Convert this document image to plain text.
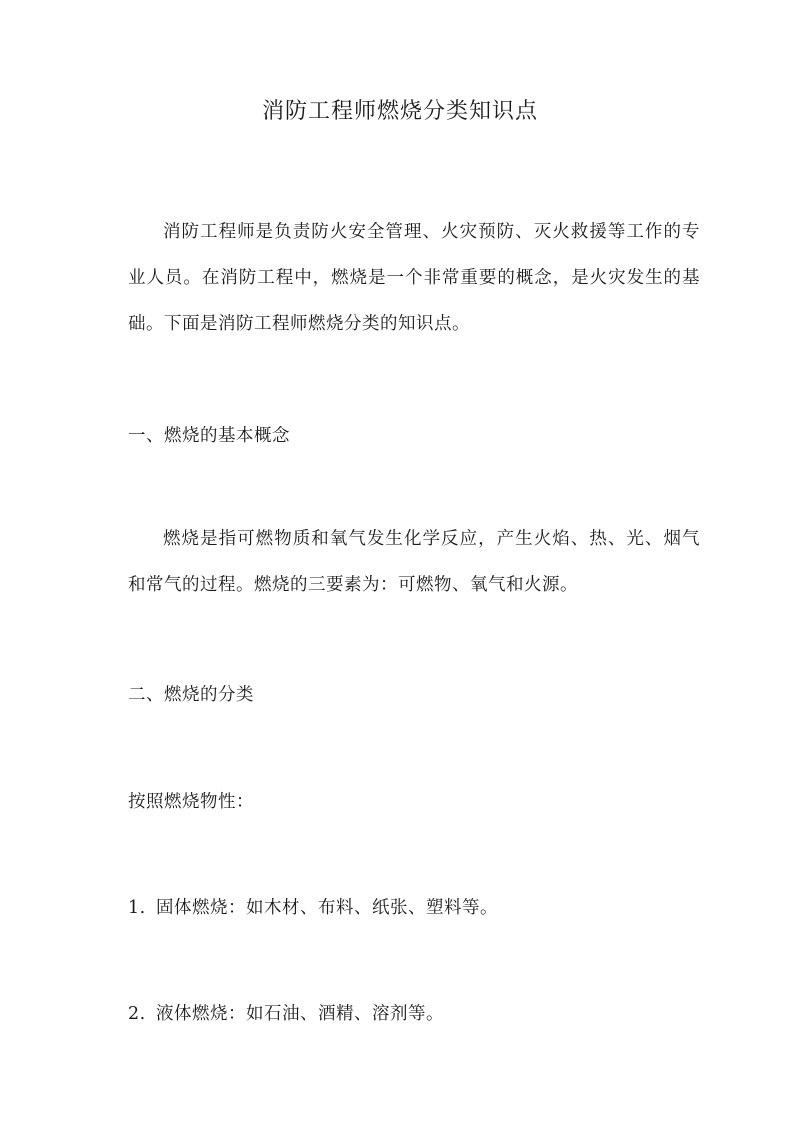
消防工程师燃烧分类知识点
消防工程师是负责防火安全管理、火灾预防、灭火救援等工作的专业人员。在消防工程中，燃烧是一个非常重要的概念，是火灾发生的基础。下面是消防工程师燃烧分类的知识点。
一、燃烧的基本概念
燃烧是指可燃物质和氧气发生化学反应，产生火焰、热、光、烟气和常气的过程。燃烧的三要素为：可燃物、氧气和火源。
二、燃烧的分类
按照燃烧物性：
1. 固体燃烧：如木材、布料、纸张、塑料等。
2. 液体燃烧：如石油、酒精、溶剂等。
